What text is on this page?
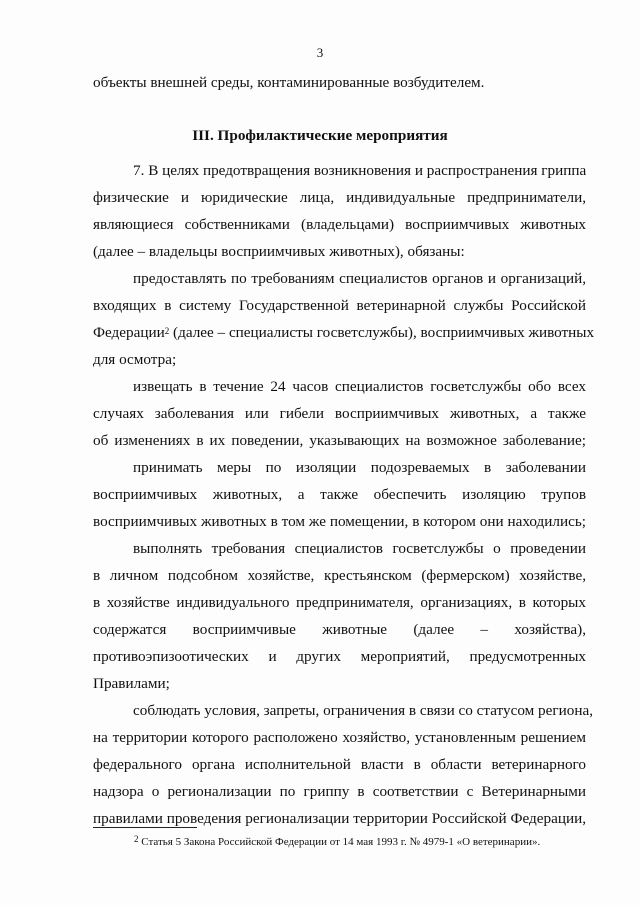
3
объекты внешней среды, контаминированные возбудителем.
III. Профилактические мероприятия
7. В целях предотвращения возникновения и распространения гриппа
физические и юридические лица, индивидуальные предприниматели,
являющиеся собственниками (владельцами) восприимчивых животных
(далее – владельцы восприимчивых животных), обязаны:
предоставлять по требованиям специалистов органов и организаций,
входящих в систему Государственной ветеринарной службы Российской
Федерации$^2$ (далее – специалисты госветслужбы), восприимчивых животных
для осмотра;
извещать в течение 24 часов специалистов госветслужбы обо всех
случаях заболевания или гибели восприимчивых животных, а также
об изменениях в их поведении, указывающих на возможное заболевание;
принимать меры по изоляции подозреваемых в заболевании
восприимчивых животных, а также обеспечить изоляцию трупов
восприимчивых животных в том же помещении, в котором они находились;
выполнять требования специалистов госветслужбы о проведении
в личном подсобном хозяйстве, крестьянском (фермерском) хозяйстве,
в хозяйстве индивидуального предпринимателя, организациях, в которых
содержатся восприимчивые животные (далее – хозяйства),
противоэпизоотических и других мероприятий, предусмотренных
Правилами;
соблюдать условия, запреты, ограничения в связи со статусом региона,
на территории которого расположено хозяйство, установленным решением
федерального органа исполнительной власти в области ветеринарного
надзора о регионализации по гриппу в соответствии с Ветеринарными
правилами проведения регионализации территории Российской Федерации,
$^2$ Статья 5 Закона Российской Федерации от 14 мая 1993 г. № 4979-1 «О ветеринарии».
